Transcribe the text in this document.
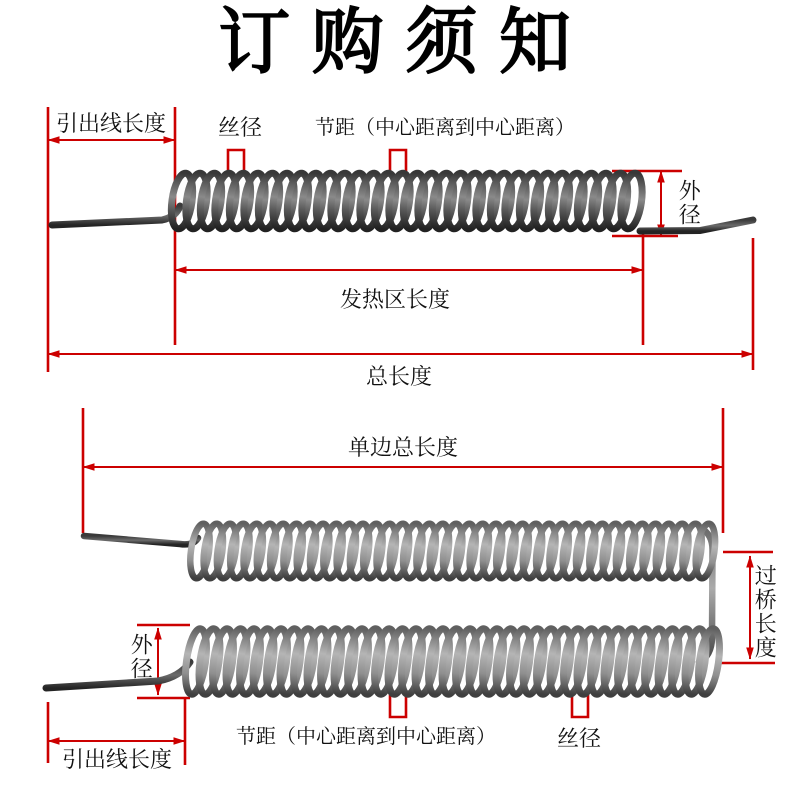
订购须知
引出线长度 丝径	节距（中心距离到中心距离）
外径
发热区长度
总长度
单边总长度
过桥长度
外径
节距（中心距离到中心距离）	丝径
引出线长度
